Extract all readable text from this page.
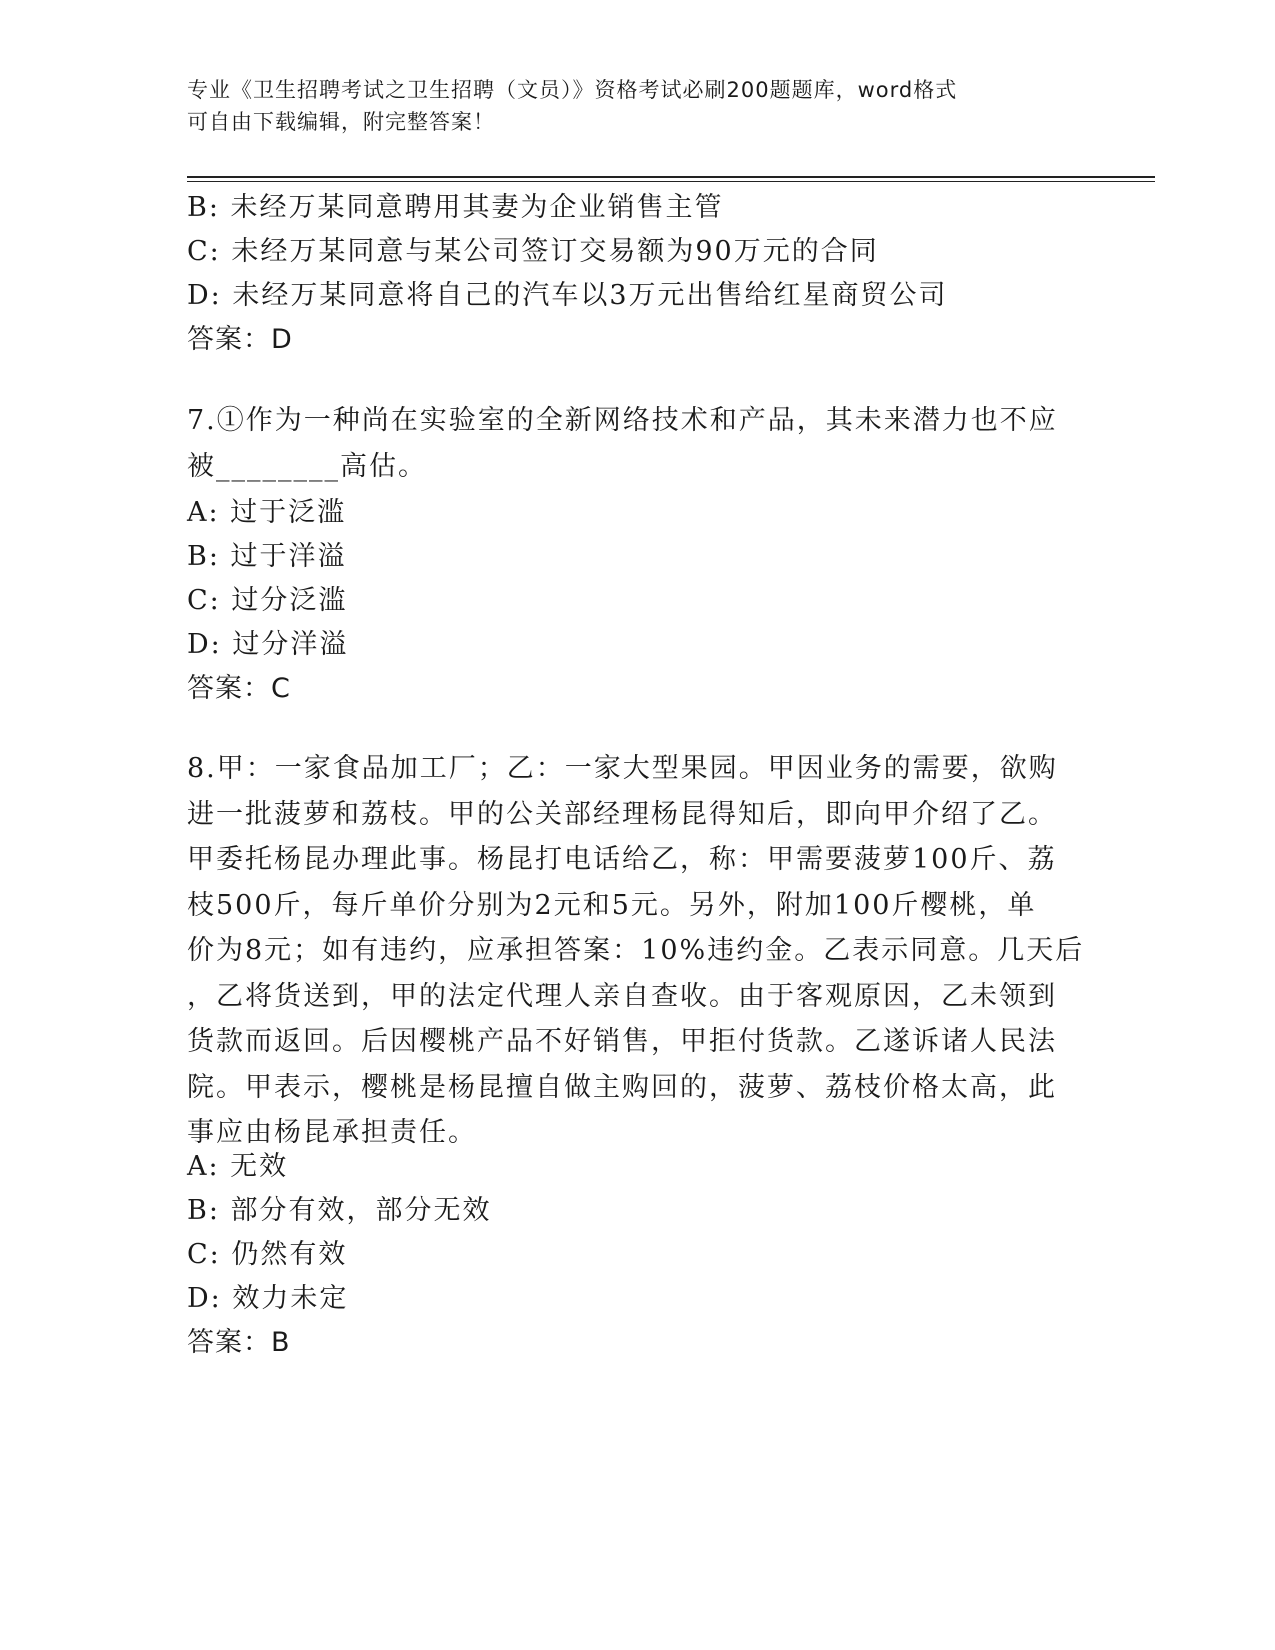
专业《卫生招聘考试之卫生招聘（文员）》资格考试必刷200题题库，word格式
可自由下载编辑，附完整答案！
B: 未经万某同意聘用其妻为企业销售主管
C: 未经万某同意与某公司签订交易额为90万元的合同
D: 未经万某同意将自己的汽车以3万元出售给红星商贸公司
答案：D
7.①作为一种尚在实验室的全新网络技术和产品，其未来潜力也不应
被________高估。
A: 过于泛滥
B: 过于洋溢
C: 过分泛滥
D: 过分洋溢
答案：C
8.甲：一家食品加工厂；乙：一家大型果园。甲因业务的需要，欲购
进一批菠萝和荔枝。甲的公关部经理杨昆得知后，即向甲介绍了乙。
甲委托杨昆办理此事。杨昆打电话给乙，称：甲需要菠萝100斤、荔
枝500斤，每斤单价分别为2元和5元。另外，附加100斤樱桃，单
价为8元；如有违约，应承担答案：10%违约金。乙表示同意。几天后
，乙将货送到，甲的法定代理人亲自查收。由于客观原因，乙未领到
货款而返回。后因樱桃产品不好销售，甲拒付货款。乙遂诉诸人民法
院。甲表示，樱桃是杨昆擅自做主购回的，菠萝、荔枝价格太高，此
事应由杨昆承担责任。
A: 无效
B: 部分有效，部分无效
C: 仍然有效
D: 效力未定
答案：B
